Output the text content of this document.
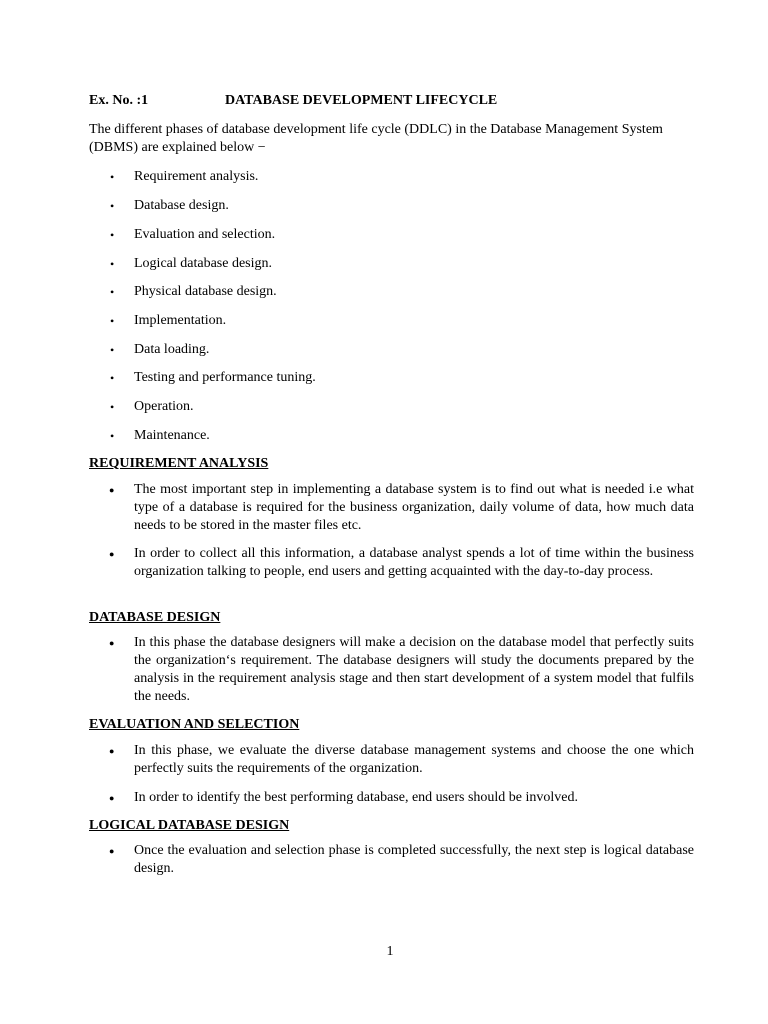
Ex. No. :1	DATABASE DEVELOPMENT LIFECYCLE
The different phases of database development life cycle (DDLC) in the Database Management System (DBMS) are explained below −
• Requirement analysis.
• Database design.
• Evaluation and selection.
• Logical database design.
• Physical database design.
• Implementation.
• Data loading.
• Testing and performance tuning.
• Operation.
• Maintenance.
REQUIREMENT ANALYSIS
● The most important step in implementing a database system is to find out what is needed i.e what type of a database is required for the business organization, daily volume of data, how much data needs to be stored in the master files etc.
● In order to collect all this information, a database analyst spends a lot of time within the business organization talking to people, end users and getting acquainted with the day-to-day process.
DATABASE DESIGN
● In this phase the database designers will make a decision on the database model that perfectly suits the organization‘s requirement. The database designers will study the documents prepared by the analysis in the requirement analysis stage and then start development of a system model that fulfils the needs.
EVALUATION AND SELECTION
● In this phase, we evaluate the diverse database management systems and choose the one which perfectly suits the requirements of the organization.
● In order to identify the best performing database, end users should be involved.
LOGICAL DATABASE DESIGN
● Once the evaluation and selection phase is completed successfully, the next step is logical database design.
1
